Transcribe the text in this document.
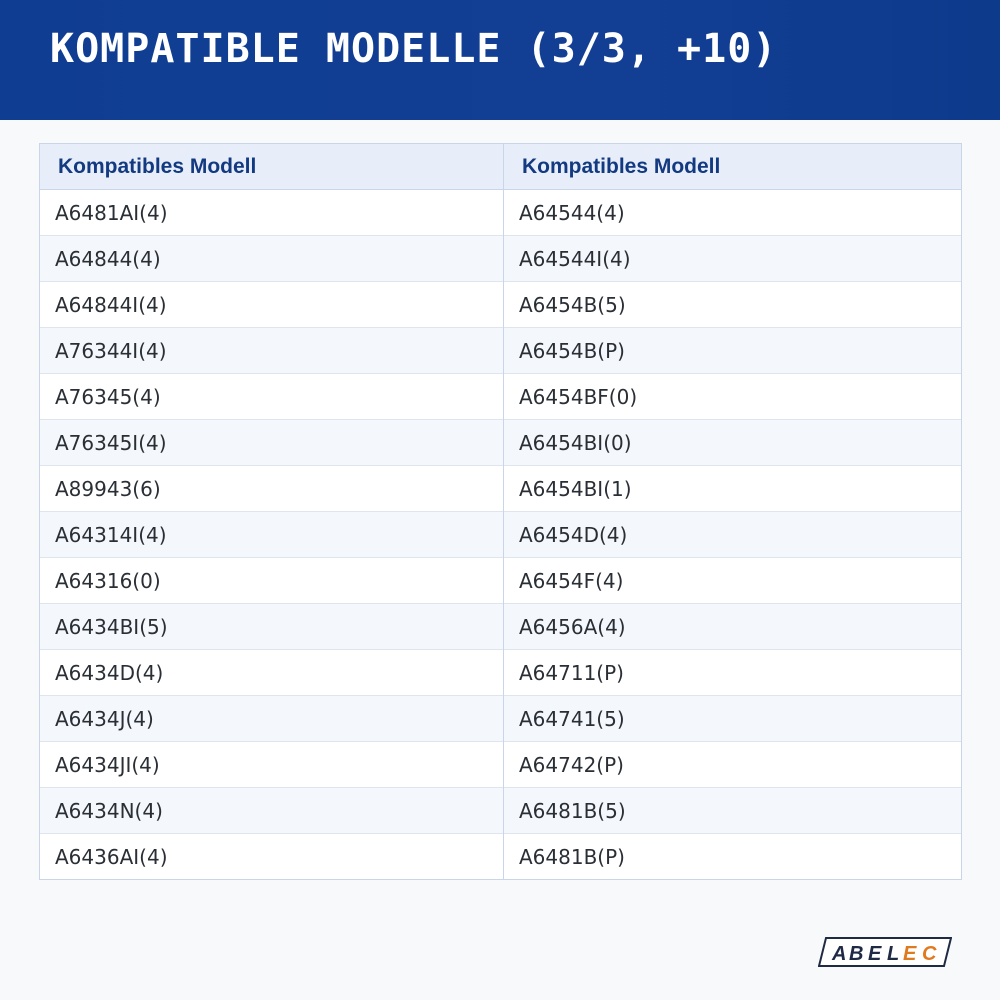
KOMPATIBLE MODELLE (3/3, +10)
Kompatibles Modell	Kompatibles Modell
A6481AI(4)	A64544(4)
A64844(4)	A64544I(4)
A64844I(4)	A6454B(5)
A76344I(4)	A6454B(P)
A76345(4)	A6454BF(0)
A76345I(4)	A6454BI(0)
A89943(6)	A6454BI(1)
A64314I(4)	A6454D(4)
A64316(0)	A6454F(4)
A6434BI(5)	A6456A(4)
A6434D(4)	A64711(P)
A6434J(4)	A64741(5)
A6434JI(4)	A64742(P)
A6434N(4)	A6481B(5)
A6436AI(4)	A6481B(P)
A B E L E C
